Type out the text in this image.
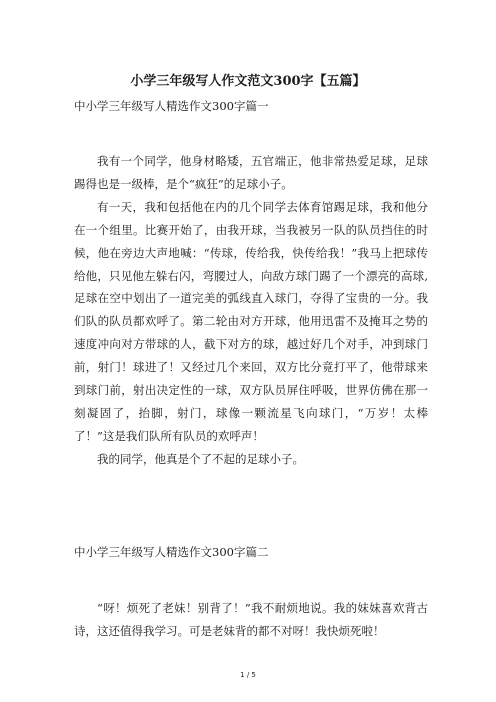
小学三年级写人作文范文300字【五篇】
中小学三年级写人精选作文300字篇一

我有一个同学，他身材略矮，五官端正，他非常热爱足球，足球踢得也是一级棒，是个“疯狂”的足球小子。

有一天，我和包括他在内的几个同学去体育馆踢足球，我和他分在一个组里。比赛开始了，由我开球，当我被另一队的队员挡住的时候，他在旁边大声地喊：“传球，传给我，快传给我！”我马上把球传给他，只见他左躲右闪，弯腰过人，向敌方球门踢了一个漂亮的高球,足球在空中划出了一道完美的弧线直入球门，夺得了宝贵的一分。我们队的队员都欢呼了。第二轮由对方开球，他用迅雷不及掩耳之势的速度冲向对方带球的人，截下对方的球，越过好几个对手，冲到球门前，射门！球进了！又经过几个来回，双方比分竟打平了，他带球来到球门前，射出决定性的一球，双方队员屏住呼吸，世界仿佛在那一刻凝固了，抬脚，射门，球像一颗流星飞向球门，“万岁！太棒了！”这是我们队所有队员的欢呼声！

我的同学，他真是个了不起的足球小子。

中小学三年级写人精选作文300字篇二

“呀！烦死了老妹！别背了！”我不耐烦地说。我的妹妹喜欢背古诗，这还值得我学习。可是老妹背的都不对呀！我快烦死啦！

1 / 5
